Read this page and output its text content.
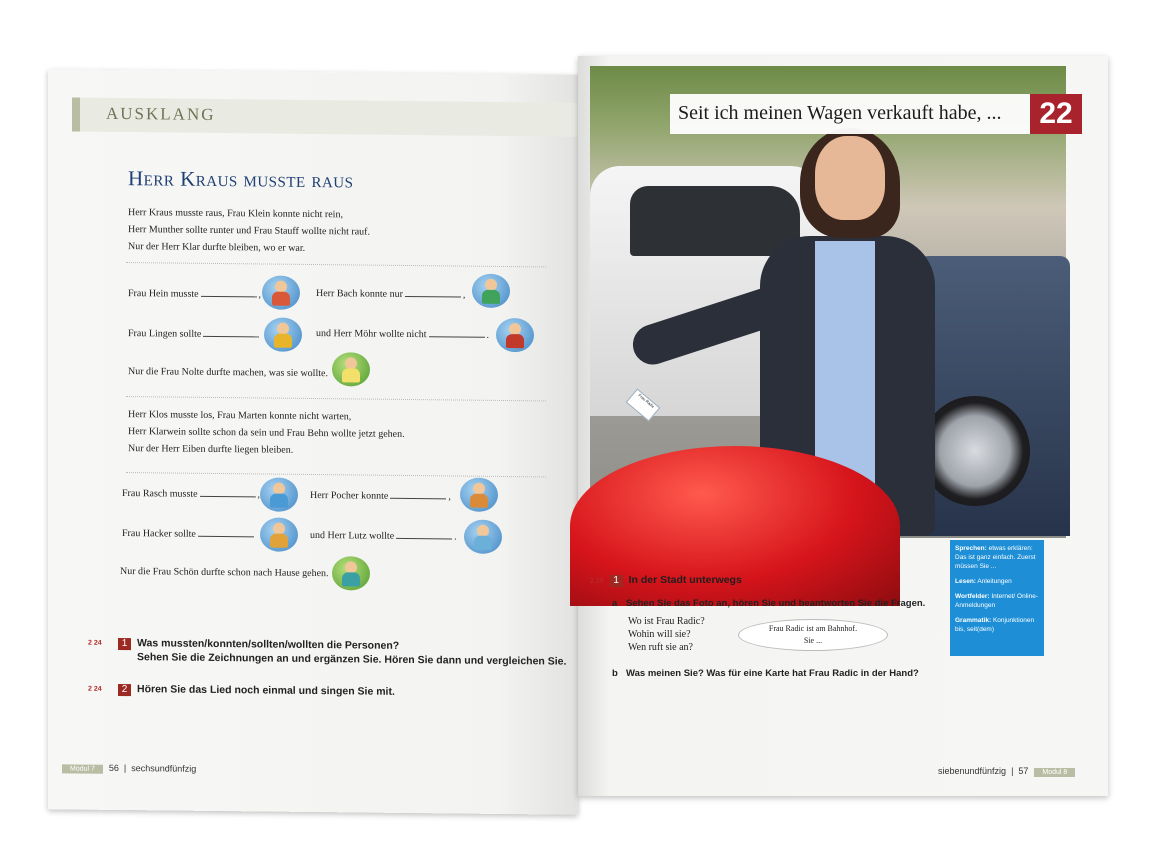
AUSKLANG
Herr Kraus musste raus
Herr Kraus musste raus, Frau Klein konnte nicht rein,
Herr Munther sollte runter und Frau Stauff wollte nicht rauf.
Nur der Herr Klar durfte bleiben, wo er war.
Frau Hein musste	,	Herr Bach konnte nur	,
Frau Lingen sollte	und Herr Möhr wollte nicht	.
Nur die Frau Nolte durfte machen, was sie wollte.
Herr Klos musste los, Frau Marten konnte nicht warten,
Herr Klarwein sollte schon da sein und Frau Behn wollte jetzt gehen.
Nur der Herr Eiben durfte liegen bleiben.
Frau Rasch musste	,	Herr Pocher konnte	,
Frau Hacker sollte	und Herr Lutz wollte	.
Nur die Frau Schön durfte schon nach Hause gehen.
2 24	1 Was mussten/konnten/sollten/wollten die Personen?
Sehen Sie die Zeichnungen an und ergänzen Sie. Hören Sie dann und vergleichen Sie.
2 24	2 Hören Sie das Lied noch einmal und singen Sie mit.
Modul 7 56  |  sechsundfünfzig
Frau Radic
Seit ich meinen Wagen verkauft habe, ...	22
Sprechen: etwas erklären: Das ist ganz einfach. Zuerst müssen Sie ...
Lesen: Anleitungen
Wortfelder: Internet/ Online-Anmeldungen
Grammatik: Konjunktionen bis, seit(dem)
2 25 1 In der Stadt unterwegs
a Sehen Sie das Foto an, hören Sie und beantworten Sie die Fragen.
Wo ist Frau Radic?
Wohin will sie?
Wen ruft sie an?
Frau Radic ist am Bahnhof.
Sie ...
b Was meinen Sie? Was für eine Karte hat Frau Radic in der Hand?
siebenundfünfzig  |  57 Modul 8
